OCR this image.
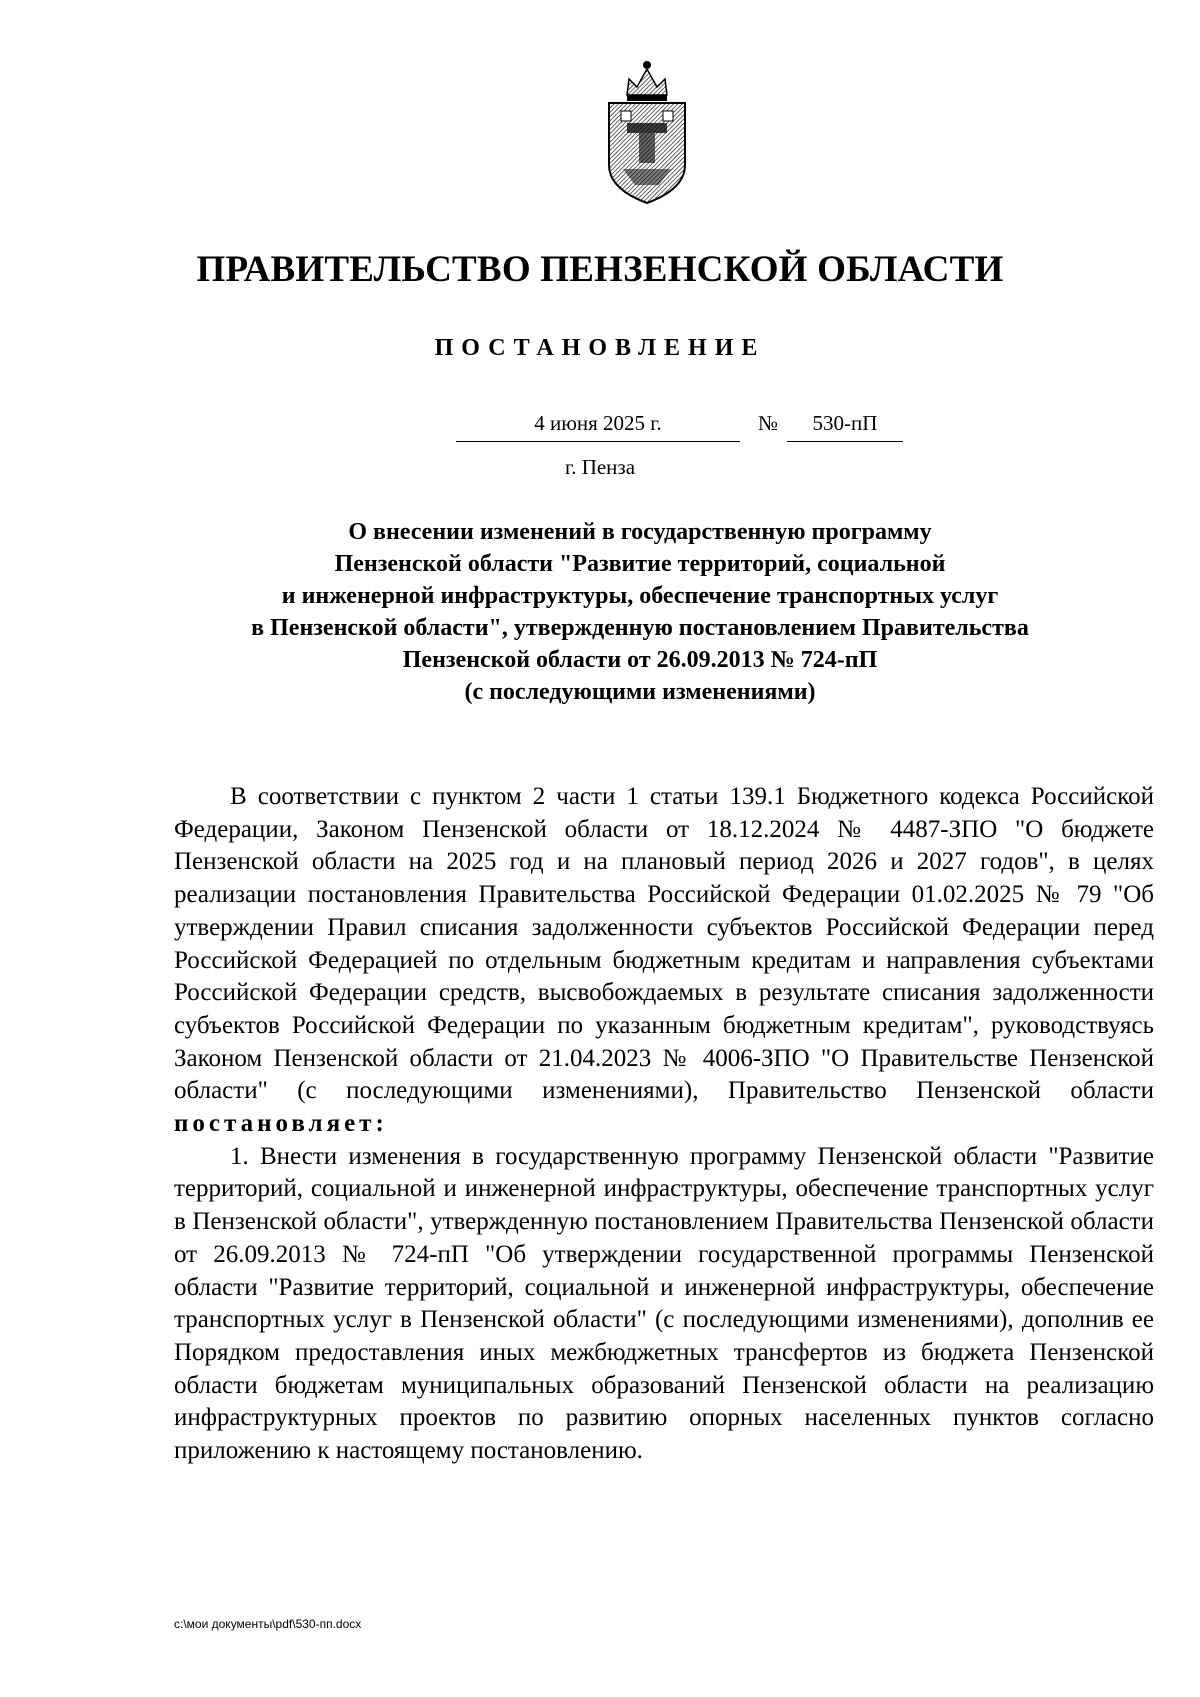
ПРАВИТЕЛЬСТВО ПЕНЗЕНСКОЙ ОБЛАСТИ
ПОСТАНОВЛЕНИЕ
4 июня 2025 г.	№	530-пП
г. Пенза
О внесении изменений в государственную программу
Пензенской области "Развитие территорий, социальной
и инженерной инфраструктуры, обеспечение транспортных услуг
в Пензенской области", утвержденную постановлением Правительства
Пензенской области от 26.09.2013 № 724-пП
(с последующими изменениями)

В соответствии с пунктом 2 части 1 статьи 139.1 Бюджетного кодекса Российской Федерации, Законом Пензенской области от 18.12.2024 № 4487-ЗПО "О бюджете Пензенской области на 2025 год и на плановый период 2026 и 2027 годов", в целях реализации постановления Правительства Российской Федерации 01.02.2025 № 79 "Об утверждении Правил списания задолженности субъектов Российской Федерации перед Российской Федерацией по отдельным бюджетным кредитам и направления субъектами Российской Федерации средств, высвобождаемых в результате списания задолженности субъектов Российской Федерации по указанным бюджетным кредитам", руководствуясь Законом Пензенской области от 21.04.2023 № 4006-ЗПО "О Правительстве Пензенской области" (с последующими изменениями), Правительство Пензенской области постановляет:

1. Внести изменения в государственную программу Пензенской области "Развитие территорий, социальной и инженерной инфраструктуры, обеспечение транспортных услуг в Пензенской области", утвержденную постановлением Правительства Пензенской области от 26.09.2013 № 724-пП "Об утверждении государственной программы Пензенской области "Развитие территорий, социальной и инженерной инфраструктуры, обеспечение транспортных услуг в Пензенской области" (с последующими изменениями), дополнив ее Порядком предоставления иных межбюджетных трансфертов из бюджета Пензенской области бюджетам муниципальных образований Пензенской области на реализацию инфраструктурных проектов по развитию опорных населенных пунктов согласно приложению к настоящему постановлению.

c:\мои документы\pdf\530-пп.docx
